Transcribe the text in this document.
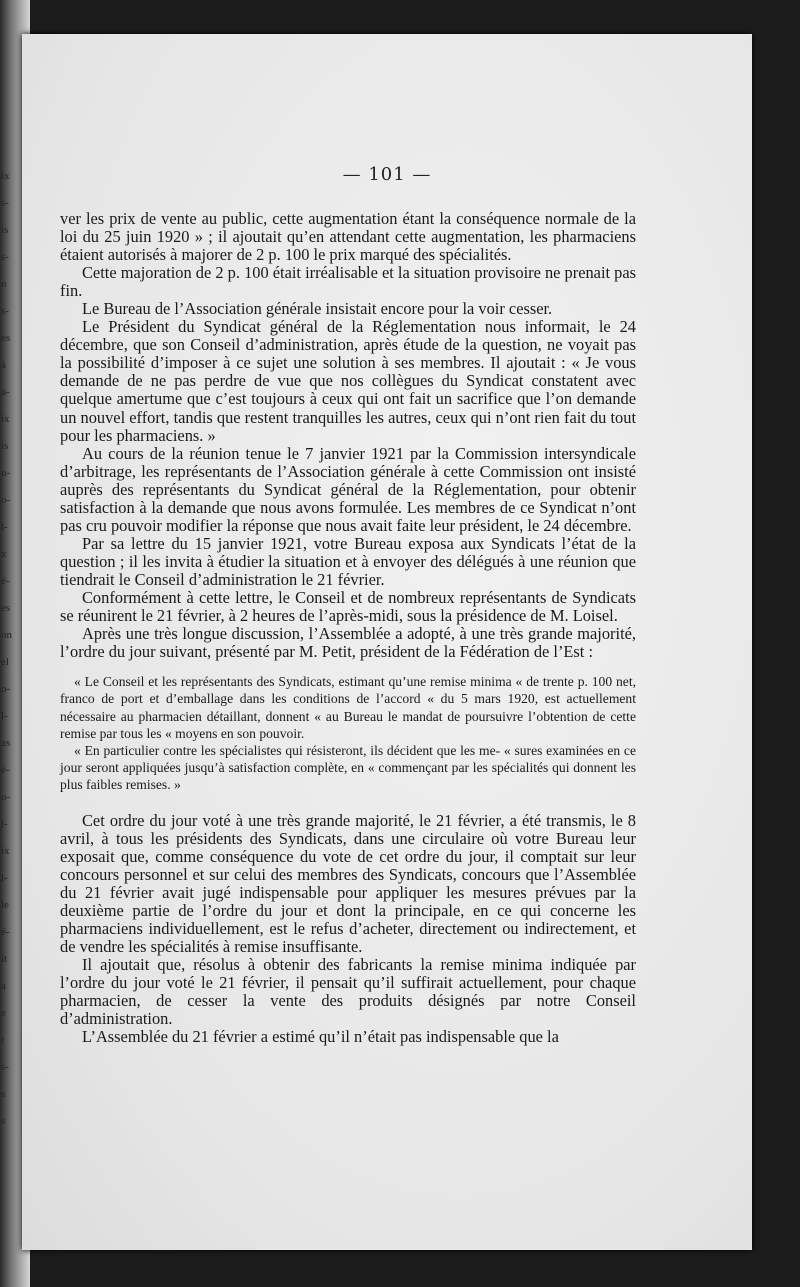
ix
s-
is
s-
n
s-
es
à
a-
ix
is
u-
o-
l-
x
é-
es
on
el
o-
l-
as
é-
o-
l-
ix
l-
le
é-
it
a
e
t
s-
s
s
— 101 —

ver les prix de vente au public, cette augmentation étant la conséquence normale de la loi du 25 juin 1920 » ; il ajoutait qu’en attendant cette augmentation, les pharmaciens étaient autorisés à majorer de 2 p. 100 le prix marqué des spécialités.

Cette majoration de 2 p. 100 était irréalisable et la situation provisoire ne prenait pas fin.

Le Bureau de l’Association générale insistait encore pour la voir cesser.

Le Président du Syndicat général de la Réglementation nous informait, le 24 décembre, que son Conseil d’administration, après étude de la question, ne voyait pas la possibilité d’imposer à ce sujet une solution à ses membres. Il ajoutait : « Je vous demande de ne pas perdre de vue que nos collègues du Syndicat constatent avec quelque amertume que c’est toujours à ceux qui ont fait un sacrifice que l’on demande un nouvel effort, tandis que restent tranquilles les autres, ceux qui n’ont rien fait du tout pour les pharmaciens. »

Au cours de la réunion tenue le 7 janvier 1921 par la Commission intersyndicale d’arbitrage, les représentants de l’Association générale à cette Commission ont insisté auprès des représentants du Syndicat général de la Réglementation, pour obtenir satisfaction à la demande que nous avons formulée. Les membres de ce Syndicat n’ont pas cru pouvoir modifier la réponse que nous avait faite leur président, le 24 décembre.

Par sa lettre du 15 janvier 1921, votre Bureau exposa aux Syndicats l’état de la question ; il les invita à étudier la situation et à envoyer des délégués à une réunion que tiendrait le Conseil d’administration le 21 février.

Conformément à cette lettre, le Conseil et de nombreux représentants de Syndicats se réunirent le 21 février, à 2 heures de l’après-midi, sous la présidence de M. Loisel.

Après une très longue discussion, l’Assemblée a adopté, à une très grande majorité, l’ordre du jour suivant, présenté par M. Petit, président de la Fédération de l’Est :

« Le Conseil et les représentants des Syndicats, estimant qu’une remise minima « de trente p. 100 net, franco de port et d’emballage dans les conditions de l’accord « du 5 mars 1920, est actuellement nécessaire au pharmacien détaillant, donnent « au Bureau le mandat de poursuivre l’obtention de cette remise par tous les « moyens en son pouvoir.

« En particulier contre les spécialistes qui résisteront, ils décident que les me- « sures examinées en ce jour seront appliquées jusqu’à satisfaction complète, en « commençant par les spécialités qui donnent les plus faibles remises. »

Cet ordre du jour voté à une très grande majorité, le 21 février, a été transmis, le 8 avril, à tous les présidents des Syndicats, dans une circulaire où votre Bureau leur exposait que, comme conséquence du vote de cet ordre du jour, il comptait sur leur concours personnel et sur celui des membres des Syndicats, concours que l’Assemblée du 21 février avait jugé indispensable pour appliquer les mesures prévues par la deuxième partie de l’ordre du jour et dont la principale, en ce qui concerne les pharmaciens individuellement, est le refus d’acheter, directement ou indirectement, et de vendre les spécialités à remise insuffisante.

Il ajoutait que, résolus à obtenir des fabricants la remise minima indiquée par l’ordre du jour voté le 21 février, il pensait qu’il suffirait actuellement, pour chaque pharmacien, de cesser la vente des produits désignés par notre Conseil d’administration.

L’Assemblée du 21 février a estimé qu’il n’était pas indispensable que la
